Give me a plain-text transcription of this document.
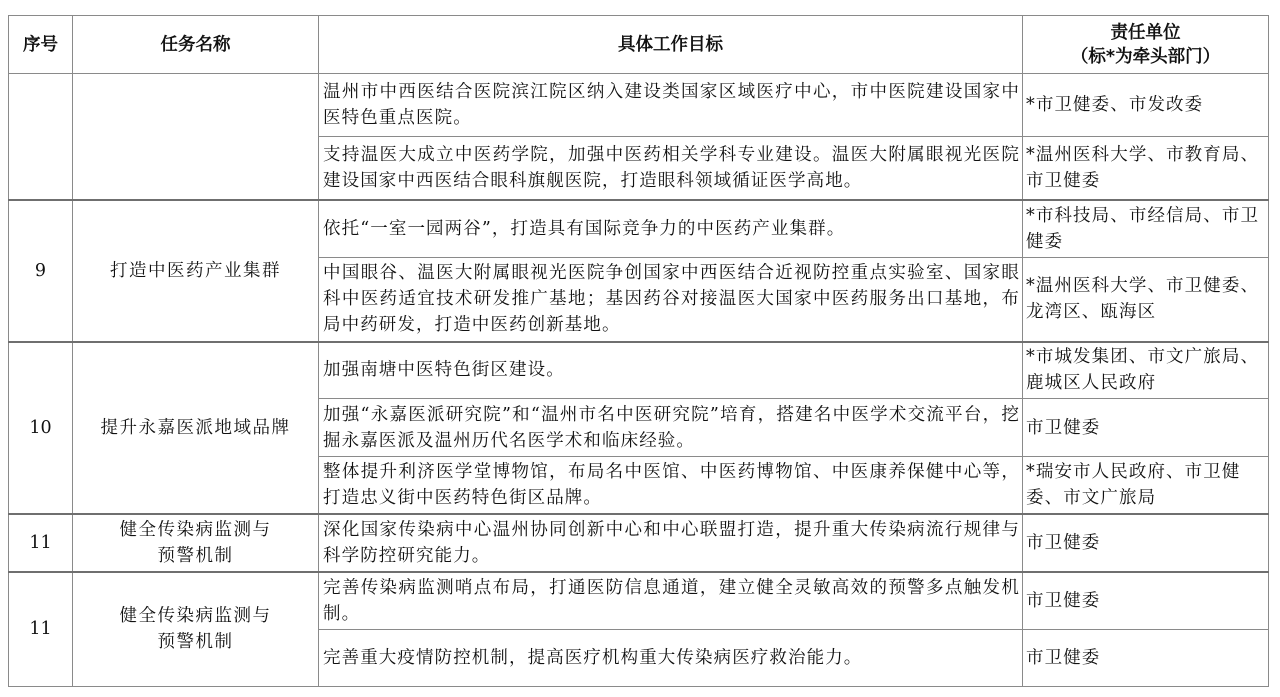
序号	任务名称	具体工作目标	责任单位
（标*为牵头部门）

		温州市中西医结合医院滨江院区纳入建设类国家区域医疗中心，市中医院建设国家中医特色重点医院。	*市卫健委、市发改委
		支持温医大成立中医药学院，加强中医药相关学科专业建设。温医大附属眼视光医院建设国家中西医结合眼科旗舰医院，打造眼科领域循证医学高地。	*温州医科大学、市教育局、市卫健委
9	打造中医药产业集群	依托“一室一园两谷”，打造具有国际竞争力的中医药产业集群。	*市科技局、市经信局、市卫健委
		中国眼谷、温医大附属眼视光医院争创国家中西医结合近视防控重点实验室、国家眼科中医药适宜技术研发推广基地；基因药谷对接温医大国家中医药服务出口基地，布局中药研发，打造中医药创新基地。	*温州医科大学、市卫健委、龙湾区、瓯海区
10	提升永嘉医派地域品牌	加强南塘中医特色街区建设。	*市城发集团、市文广旅局、鹿城区人民政府
		加强“永嘉医派研究院”和“温州市名中医研究院”培育，搭建名中医学术交流平台，挖掘永嘉医派及温州历代名医学术和临床经验。	市卫健委
		整体提升利济医学堂博物馆，布局名中医馆、中医药博物馆、中医康养保健中心等，打造忠义街中医药特色街区品牌。	*瑞安市人民政府、市卫健委、市文广旅局
11	健全传染病监测与
预警机制	深化国家传染病中心温州协同创新中心和中心联盟打造，提升重大传染病流行规律与科学防控研究能力。	市卫健委
11	健全传染病监测与
预警机制	完善传染病监测哨点布局，打通医防信息通道，建立健全灵敏高效的预警多点触发机制。	市卫健委
		完善重大疫情防控机制，提高医疗机构重大传染病医疗救治能力。	市卫健委
